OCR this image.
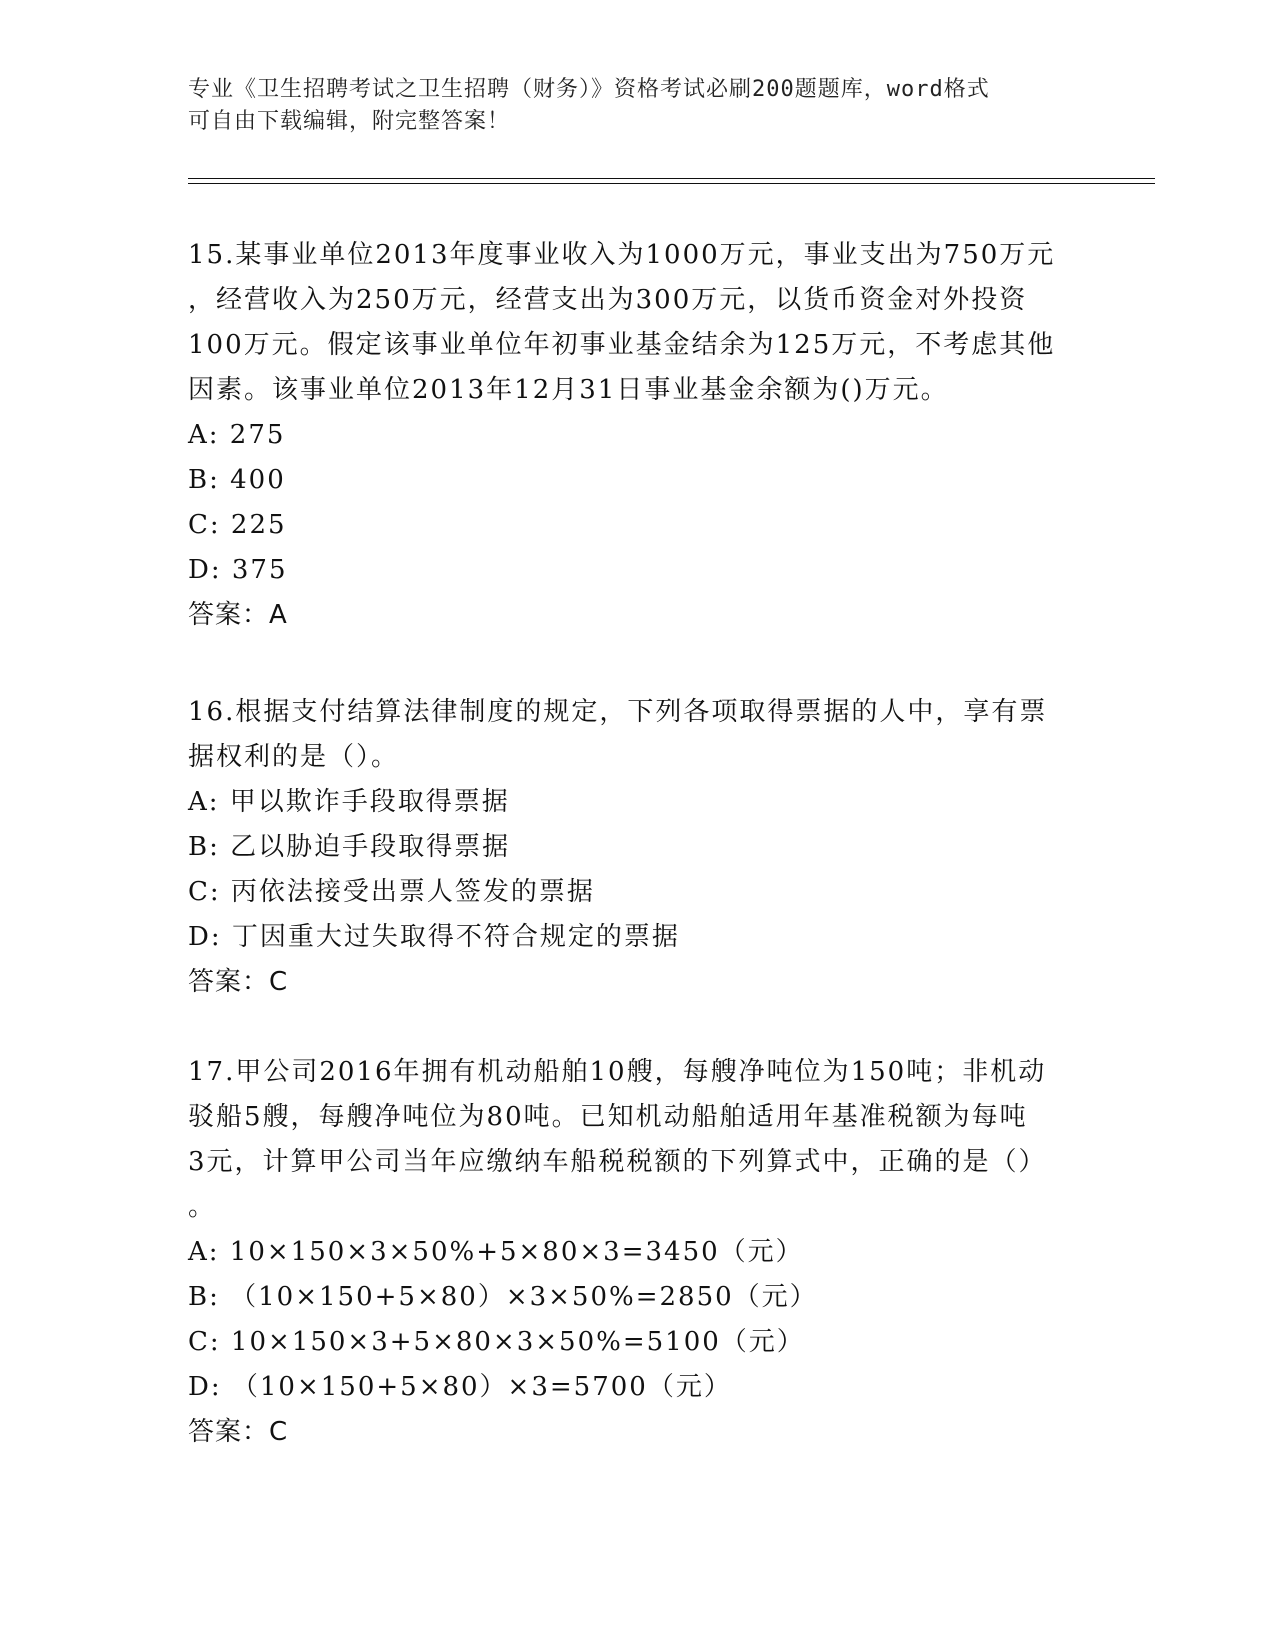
专业《卫生招聘考试之卫生招聘（财务）》资格考试必刷200题题库，word格式
可自由下载编辑，附完整答案！

15.某事业单位2013年度事业收入为1000万元，事业支出为750万元

，经营收入为250万元，经营支出为300万元，以货币资金对外投资

100万元。假定该事业单位年初事业基金结余为125万元，不考虑其他

因素。该事业单位2013年12月31日事业基金余额为()万元。

A: 275

B: 400

C: 225

D: 375

答案：A

16.根据支付结算法律制度的规定，下列各项取得票据的人中，享有票

据权利的是（）。

A: 甲以欺诈手段取得票据

B: 乙以胁迫手段取得票据

C: 丙依法接受出票人签发的票据

D: 丁因重大过失取得不符合规定的票据

答案：C

17.甲公司2016年拥有机动船舶10艘，每艘净吨位为150吨；非机动

驳船5艘，每艘净吨位为80吨。已知机动船舶适用年基准税额为每吨

3元，计算甲公司当年应缴纳车船税税额的下列算式中，正确的是（）

。

A: 10×150×3×50%+5×80×3=3450（元）

B: （10×150+5×80）×3×50%=2850（元）

C: 10×150×3+5×80×3×50%=5100（元）

D: （10×150+5×80）×3=5700（元）

答案：C
